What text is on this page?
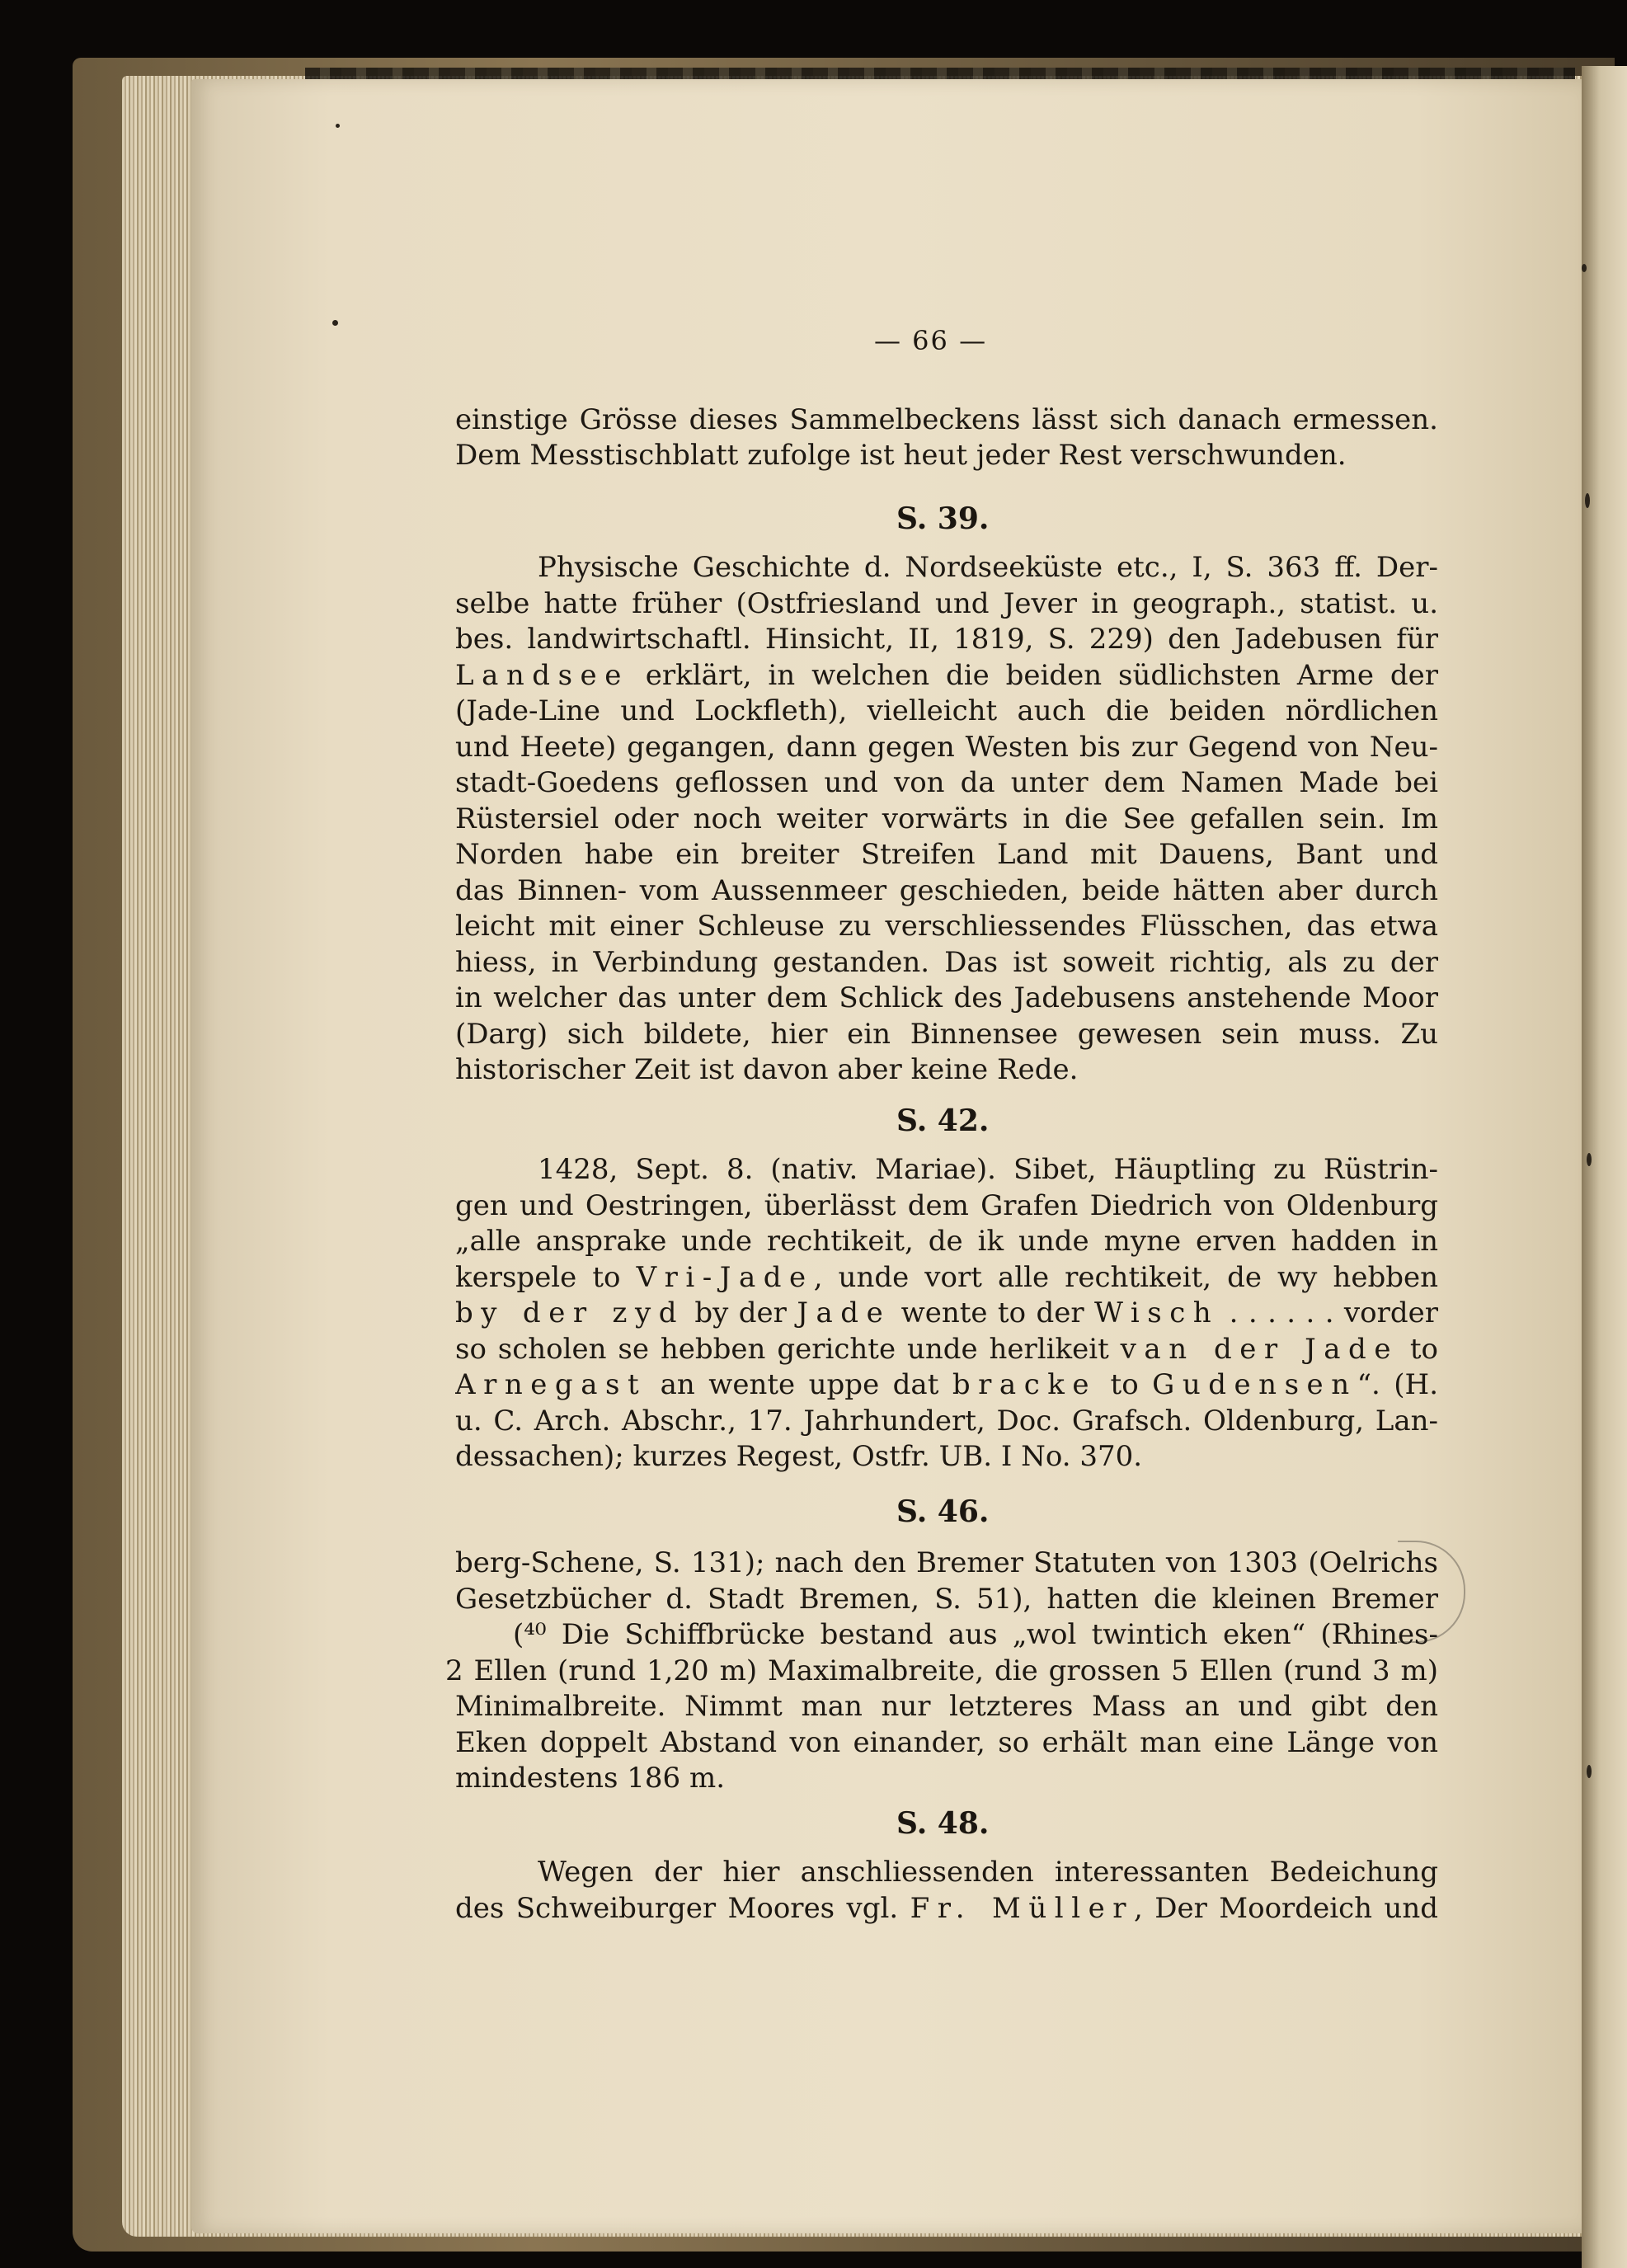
— 66 —
einstige Grösse dieses Sammelbeckens lässt sich danach ermessen.
Dem Messtischblatt zufolge ist heut jeder Rest verschwunden.
S. 39.
Physische Geschichte d. Nordseeküste etc., I, S. 363 ff. Der-
selbe hatte früher (Ostfriesland und Jever in geograph., statist. u.
bes. landwirtschaftl. Hinsicht, II, 1819, S. 229) den Jadebusen für
Landsee erklärt, in welchen die beiden südlichsten Arme der
(Jade-Line und Lockfleth), vielleicht auch die beiden nördlichen
und Heete) gegangen, dann gegen Westen bis zur Gegend von Neu-
stadt-Goedens geflossen und von da unter dem Namen Made bei
Rüstersiel oder noch weiter vorwärts in die See gefallen sein. Im
Norden habe ein breiter Streifen Land mit Dauens, Bant und
das Binnen- vom Aussenmeer geschieden, beide hätten aber durch
leicht mit einer Schleuse zu verschliessendes Flüsschen, das etwa
hiess, in Verbindung gestanden. Das ist soweit richtig, als zu der
in welcher das unter dem Schlick des Jadebusens anstehende Moor
(Darg) sich bildete, hier ein Binnensee gewesen sein muss. Zu
historischer Zeit ist davon aber keine Rede.
S. 42.
1428, Sept. 8. (nativ. Mariae). Sibet, Häuptling zu Rüstrin-
gen und Oestringen, überlässt dem Grafen Diedrich von Oldenburg
„alle ansprake unde rechtikeit, de ik unde myne erven hadden in
kerspele to Vri-Jade, unde vort alle rechtikeit, de wy hebben
by der zyd by der Jade wente to der Wisch . . . . . . vorder
so scholen se hebben gerichte unde herlikeit van der Jade to
Arnegast an wente uppe dat bracke to Gudensen“. (H.
u. C. Arch. Abschr., 17. Jahrhundert, Doc. Grafsch. Oldenburg, Lan-
dessachen); kurzes Regest, Ostfr. UB. I No. 370.
S. 46.
berg-Schene, S. 131); nach den Bremer Statuten von 1303 (Oelrichs
Gesetzbücher d. Stadt Bremen, S. 51), hatten die kleinen Bremer
(⁴⁰ Die Schiffbrücke bestand aus „wol twintich eken“ (Rhines-
2 Ellen (rund 1,20 m) Maximalbreite, die grossen 5 Ellen (rund 3 m)
Minimalbreite. Nimmt man nur letzteres Mass an und gibt den
Eken doppelt Abstand von einander, so erhält man eine Länge von
mindestens 186 m.
S. 48.
Wegen der hier anschliessenden interessanten Bedeichung
des Schweiburger Moores vgl. Fr. Müller, Der Moordeich und
